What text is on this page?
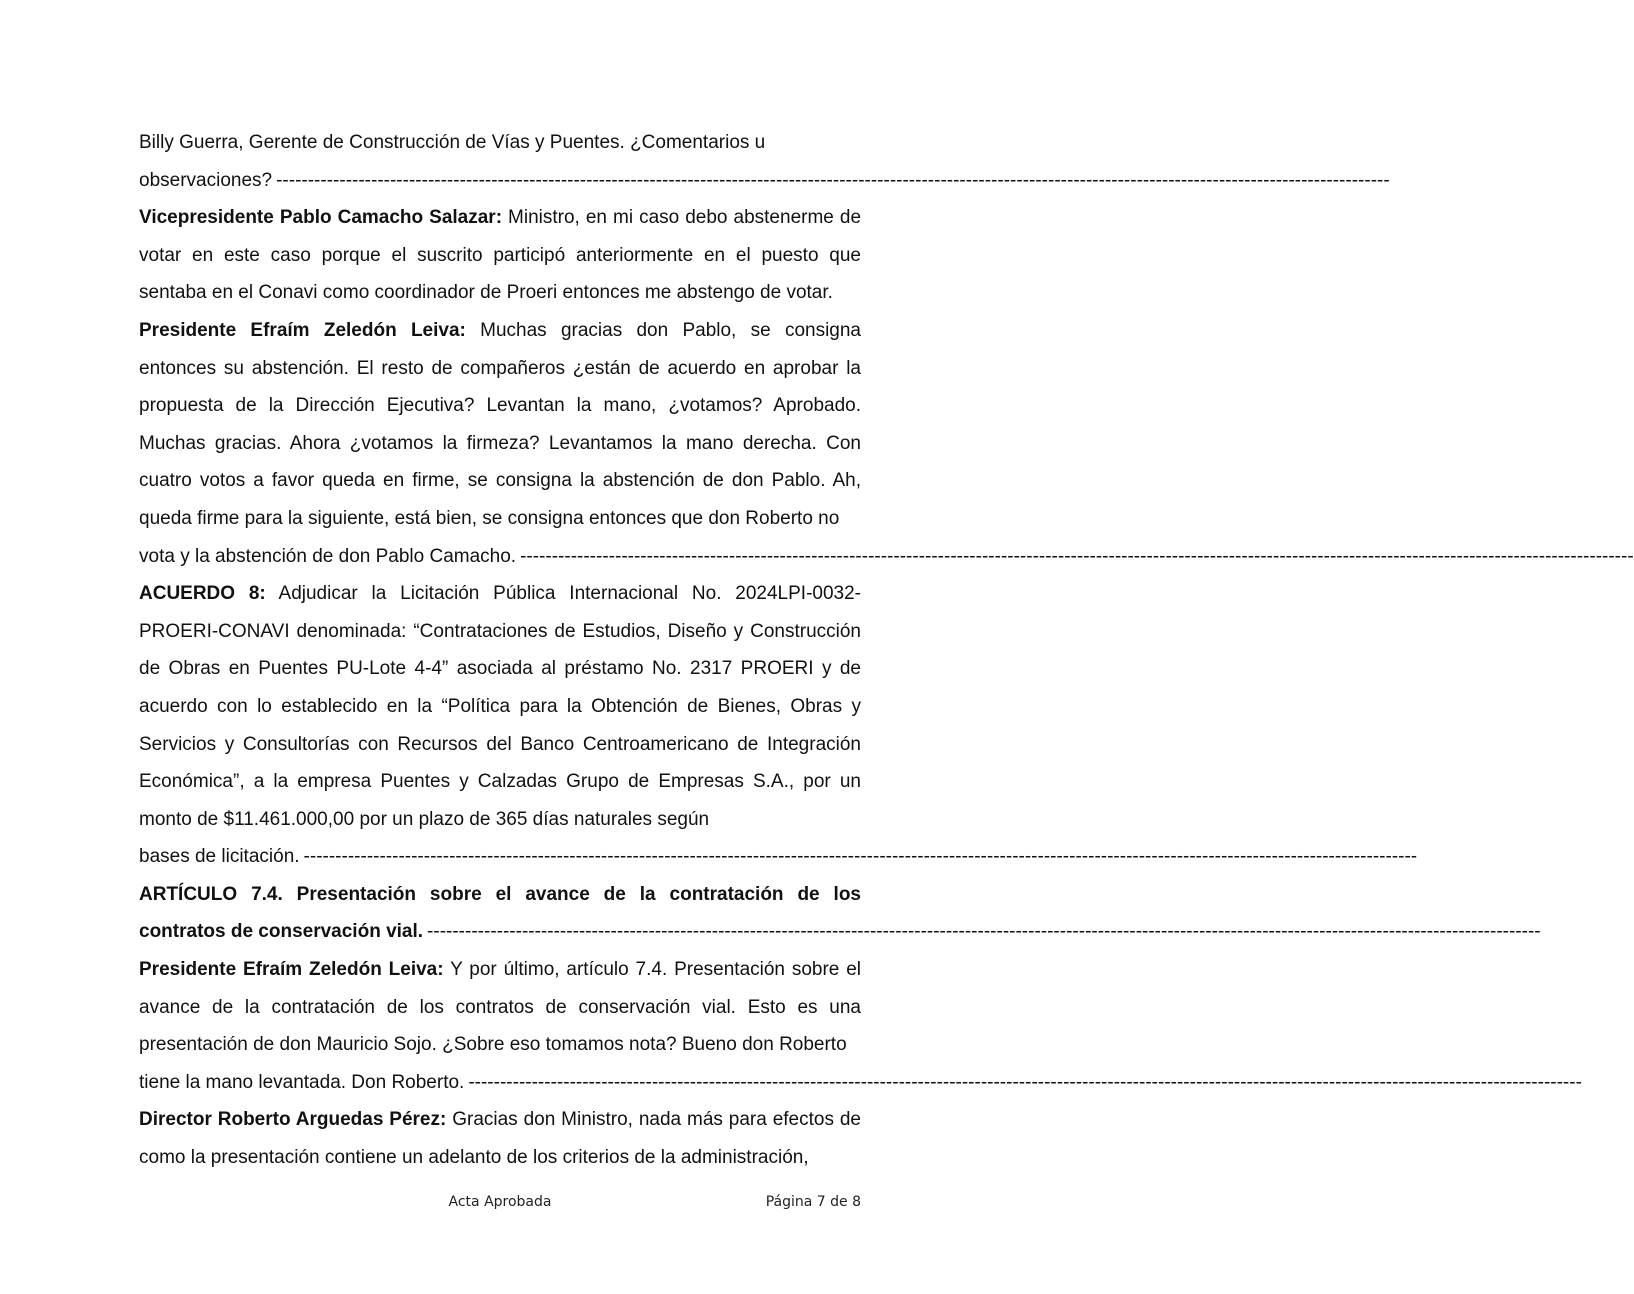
Billy Guerra, Gerente de Construcción de Vías y Puentes. ¿Comentarios u

observaciones? --------------------------------------------------------------------------------------------------------------------------------------------------------------------------------

Vicepresidente Pablo Camacho Salazar: Ministro, en mi caso debo abstenerme de votar en este caso porque el suscrito participó anteriormente en el puesto que sentaba en el Conavi como coordinador de Proeri entonces me abstengo de votar.

Presidente Efraím Zeledón Leiva: Muchas gracias don Pablo, se consigna entonces su abstención. El resto de compañeros ¿están de acuerdo en aprobar la propuesta de la Dirección Ejecutiva? Levantan la mano, ¿votamos? Aprobado. Muchas gracias. Ahora ¿votamos la firmeza? Levantamos la mano derecha. Con cuatro votos a favor queda en firme, se consigna la abstención de don Pablo. Ah, queda firme para la siguiente, está bien, se consigna entonces que don Roberto no

vota y la abstención de don Pablo Camacho. --------------------------------------------------------------------------------------------------------------------------------------------------------------------------------

ACUERDO 8: Adjudicar la Licitación Pública Internacional No. 2024LPI-0032-PROERI-CONAVI denominada: “Contrataciones de Estudios, Diseño y Construcción de Obras en Puentes PU-Lote 4-4” asociada al préstamo No. 2317 PROERI y de acuerdo con lo establecido en la “Política para la Obtención de Bienes, Obras y Servicios y Consultorías con Recursos del Banco Centroamericano de Integración Económica”, a la empresa Puentes y Calzadas Grupo de Empresas S.A., por un monto de $11.461.000,00 por un plazo de 365 días naturales según

bases de licitación. --------------------------------------------------------------------------------------------------------------------------------------------------------------------------------

ARTÍCULO 7.4. Presentación sobre el avance de la contratación de los

contratos de conservación vial. --------------------------------------------------------------------------------------------------------------------------------------------------------------------------------

Presidente Efraím Zeledón Leiva: Y por último, artículo 7.4. Presentación sobre el avance de la contratación de los contratos de conservación vial. Esto es una presentación de don Mauricio Sojo. ¿Sobre eso tomamos nota? Bueno don Roberto

tiene la mano levantada. Don Roberto. --------------------------------------------------------------------------------------------------------------------------------------------------------------------------------

Director Roberto Arguedas Pérez: Gracias don Ministro, nada más para efectos de como la presentación contiene un adelanto de los criterios de la administración,

Acta Aprobada	Página 7 de 8
